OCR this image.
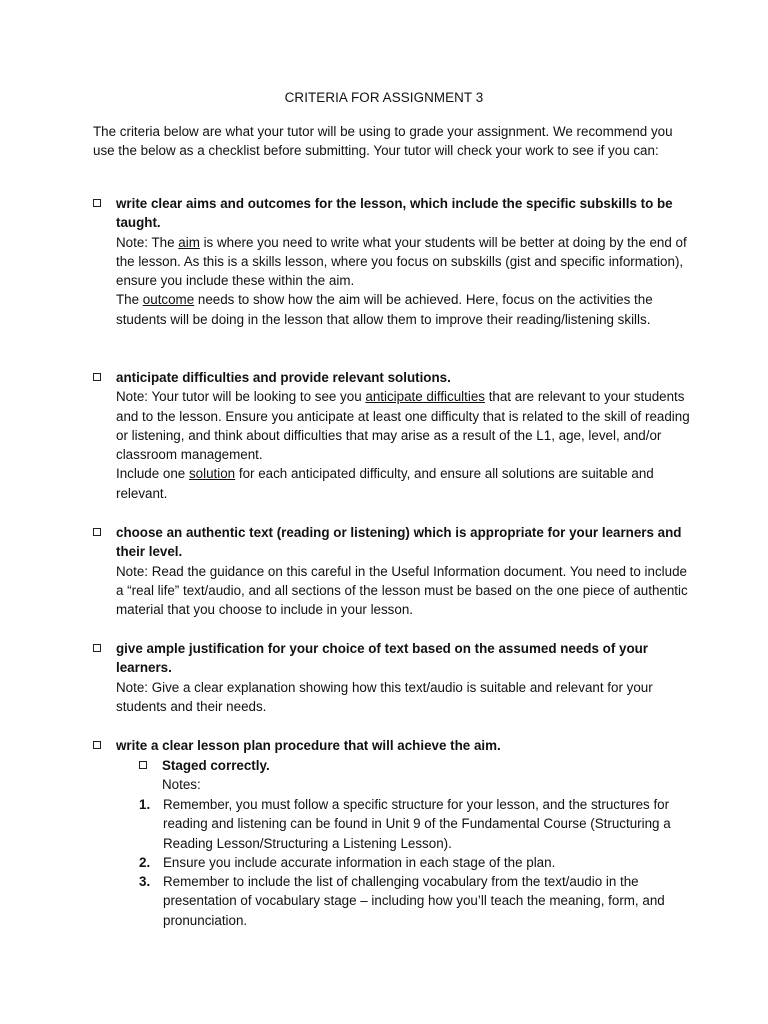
CRITERIA FOR ASSIGNMENT 3
The criteria below are what your tutor will be using to grade your assignment. We recommend you use the below as a checklist before submitting. Your tutor will check your work to see if you can:
write clear aims and outcomes for the lesson, which include the specific subskills to be taught.
Note: The aim is where you need to write what your students will be better at doing by the end of the lesson. As this is a skills lesson, where you focus on subskills (gist and specific information), ensure you include these within the aim.
The outcome needs to show how the aim will be achieved. Here, focus on the activities the students will be doing in the lesson that allow them to improve their reading/listening skills.
anticipate difficulties and provide relevant solutions.
Note: Your tutor will be looking to see you anticipate difficulties that are relevant to your students and to the lesson. Ensure you anticipate at least one difficulty that is related to the skill of reading or listening, and think about difficulties that may arise as a result of the L1, age, level, and/or classroom management.
Include one solution for each anticipated difficulty, and ensure all solutions are suitable and relevant.
choose an authentic text (reading or listening) which is appropriate for your learners and their level.
Note: Read the guidance on this careful in the Useful Information document. You need to include a “real life” text/audio, and all sections of the lesson must be based on the one piece of authentic material that you choose to include in your lesson.
give ample justification for your choice of text based on the assumed needs of your learners.
Note: Give a clear explanation showing how this text/audio is suitable and relevant for your students and their needs.
write a clear lesson plan procedure that will achieve the aim.
Staged correctly.
Notes:
1. Remember, you must follow a specific structure for your lesson, and the structures for reading and listening can be found in Unit 9 of the Fundamental Course (Structuring a Reading Lesson/Structuring a Listening Lesson).
2. Ensure you include accurate information in each stage of the plan.
3. Remember to include the list of challenging vocabulary from the text/audio in the presentation of vocabulary stage – including how you’ll teach the meaning, form, and pronunciation.
